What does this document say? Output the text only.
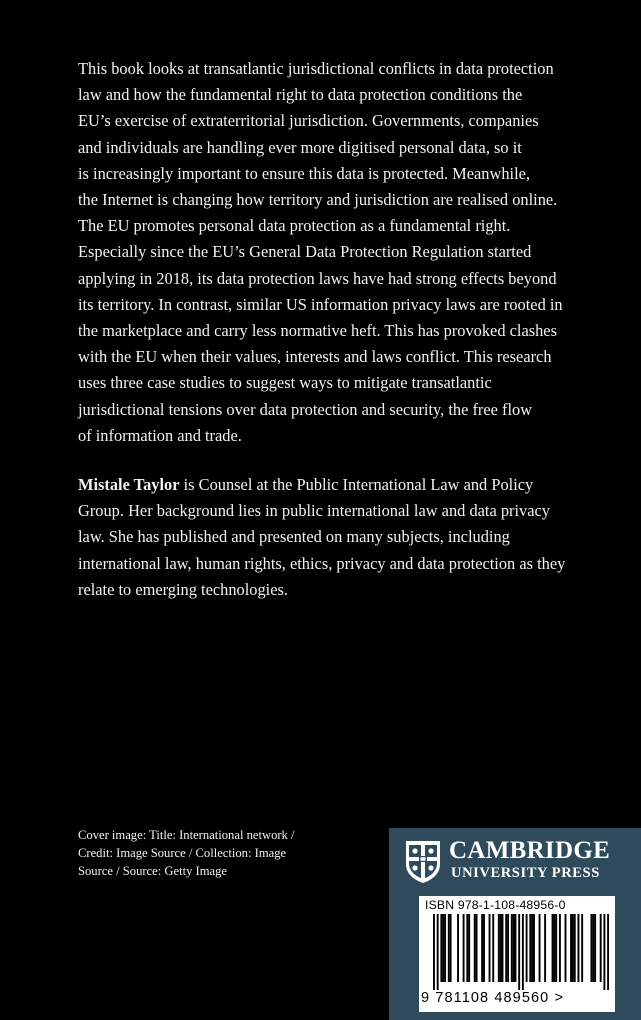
This book looks at transatlantic jurisdictional conflicts in data protection
law and how the fundamental right to data protection conditions the
EU’s exercise of extraterritorial jurisdiction. Governments, companies
and individuals are handling ever more digitised personal data, so it
is increasingly important to ensure this data is protected. Meanwhile,
the Internet is changing how territory and jurisdiction are realised online.
The EU promotes personal data protection as a fundamental right.
Especially since the EU’s General Data Protection Regulation started
applying in 2018, its data protection laws have had strong effects beyond
its territory. In contrast, similar US information privacy laws are rooted in
the marketplace and carry less normative heft. This has provoked clashes
with the EU when their values, interests and laws conflict. This research
uses three case studies to suggest ways to mitigate transatlantic
jurisdictional tensions over data protection and security, the free flow
of information and trade.
Mistale Taylor is Counsel at the Public International Law and Policy
Group. Her background lies in public international law and data privacy
law. She has published and presented on many subjects, including
international law, human rights, ethics, privacy and data protection as they
relate to emerging technologies.
Cover image: Title: International network /
Credit: Image Source / Collection: Image
Source / Source: Getty Image
CAMBRIDGE
UNIVERSITY PRESS
ISBN 978-1-108-48956-0
9 781108 489560 >
